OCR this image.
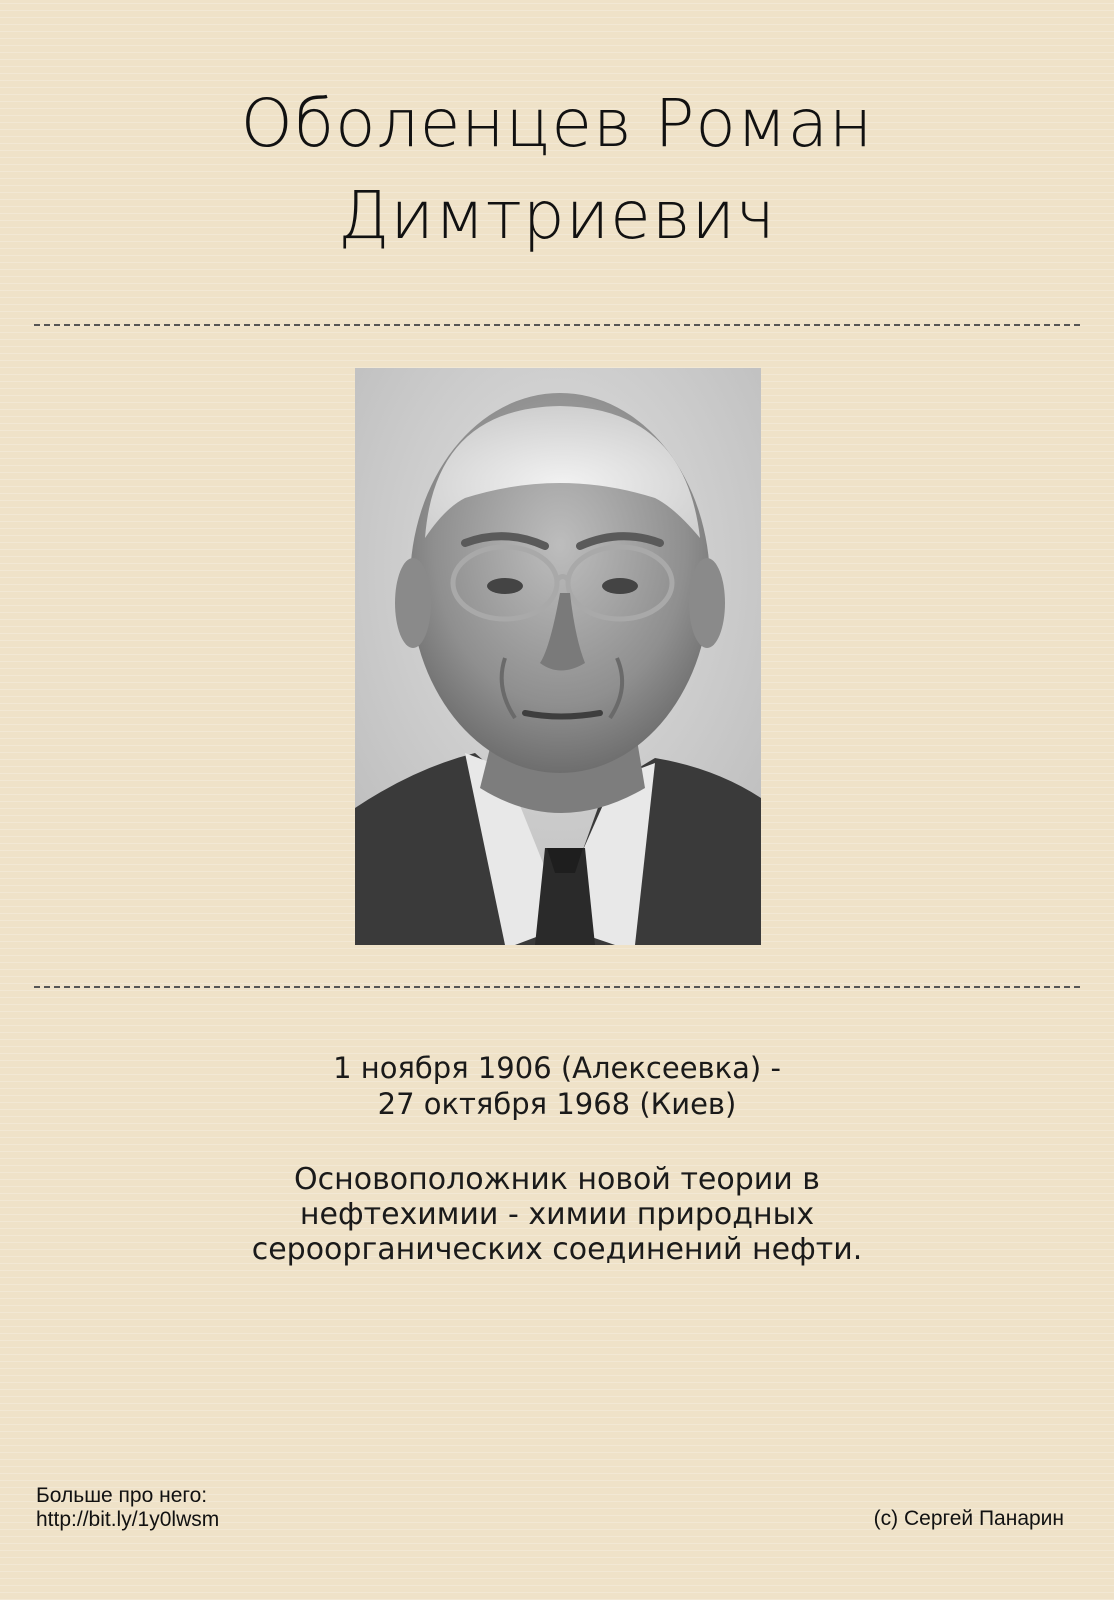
Оболенцев Роман
Димтриевич
1 ноября 1906 (Алексеевка) -
27 октября 1968 (Киев)
Основоположник новой теории в
нефтехимии - химии природных
сероорганических соединений нефти.
Больше про него:
http://bit.ly/1y0lwsm	(c) Сергей Панарин
